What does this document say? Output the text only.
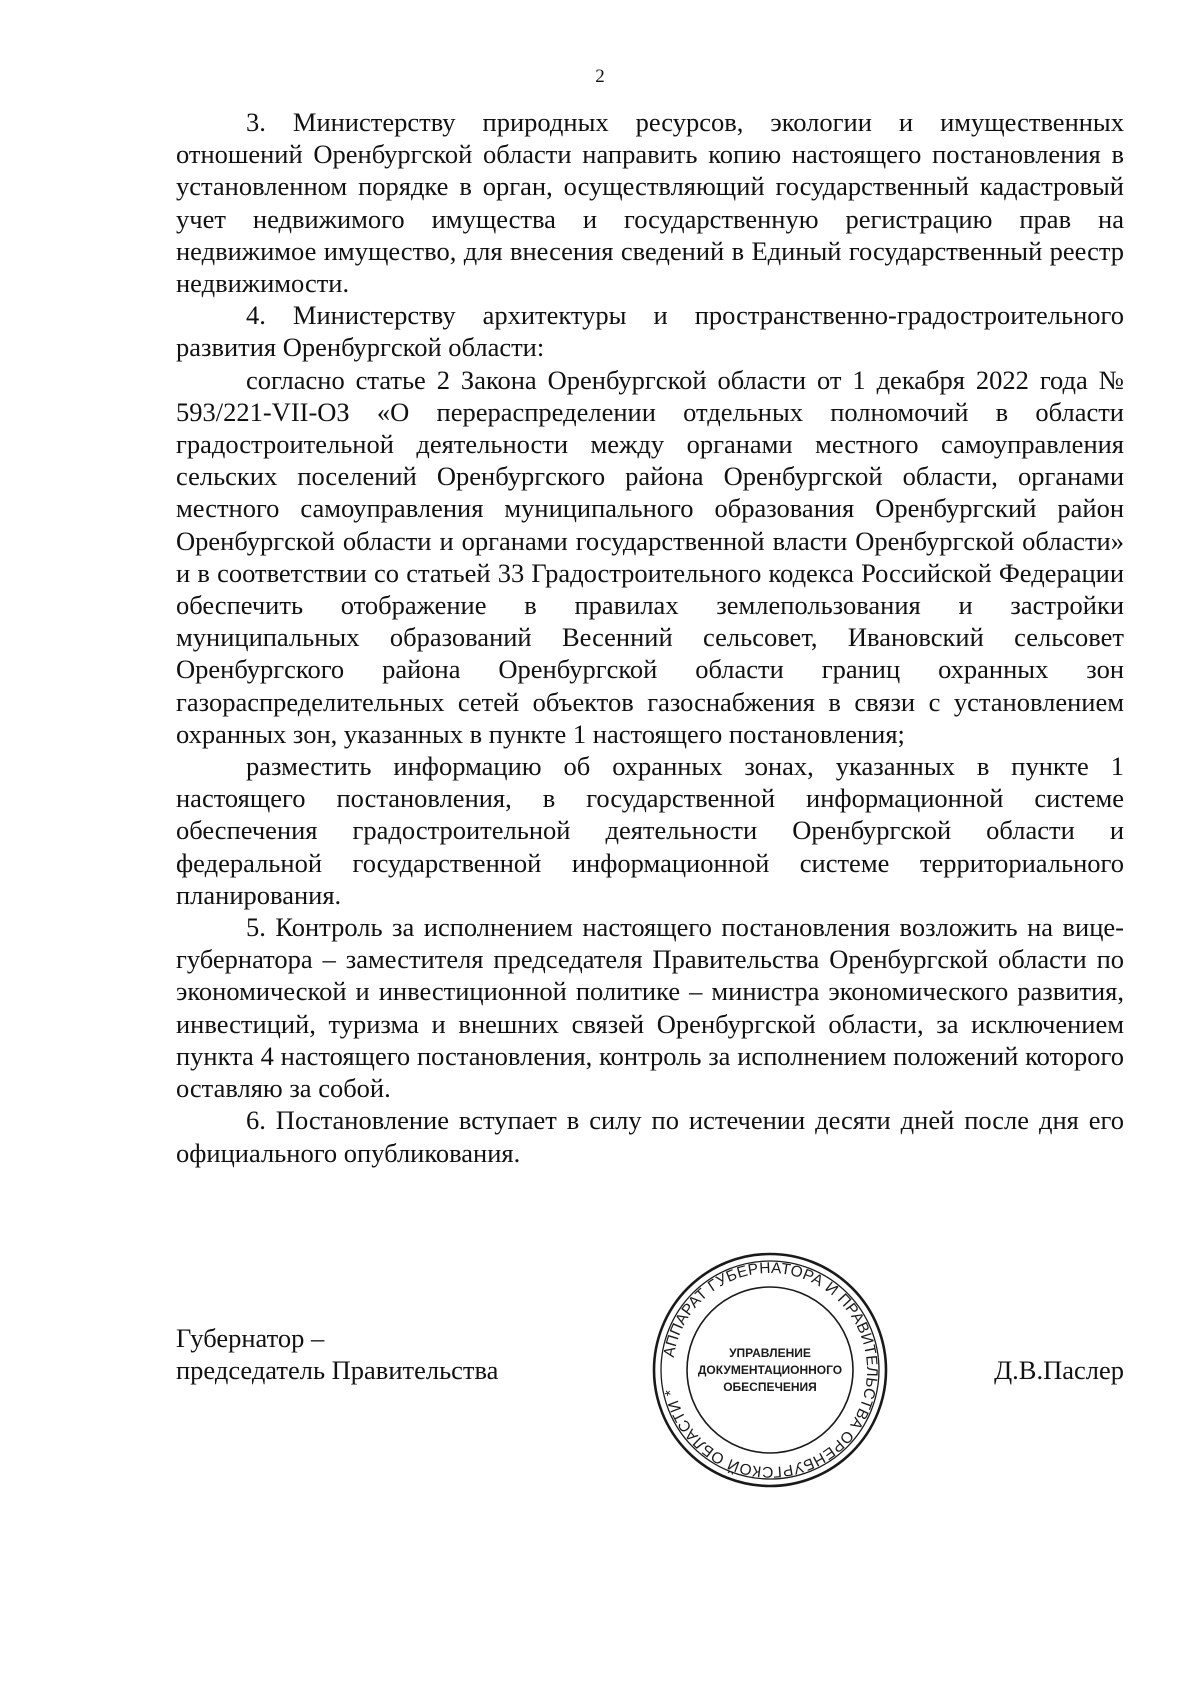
2

3. Министерству природных ресурсов, экологии и имущественных отношений Оренбургской области направить копию настоящего постановления в установленном порядке в орган, осуществляющий государственный кадастровый учет недвижимого имущества и государственную регистрацию прав на недвижимое имущество, для внесения сведений в Единый государственный реестр недвижимости.

4. Министерству архитектуры и пространственно-градостроительного развития Оренбургской области:

согласно статье 2 Закона Оренбургской области от 1 декабря 2022 года № 593/221-VII-ОЗ «О перераспределении отдельных полномочий в области градостроительной деятельности между органами местного самоуправления сельских поселений Оренбургского района Оренбургской области, органами местного самоуправления муниципального образования Оренбургский район Оренбургской области и органами государственной власти Оренбургской области» и в соответствии со статьей 33 Градостроительного кодекса Российской Федерации обеспечить отображение в правилах землепользования и застройки муниципальных образований Весенний сельсовет, Ивановский сельсовет Оренбургского района Оренбургской области границ охранных зон газораспределительных сетей объектов газоснабжения в связи с установлением охранных зон, указанных в пункте 1 настоящего постановления;

разместить информацию об охранных зонах, указанных в пункте 1 настоящего постановления, в государственной информационной системе обеспечения градостроительной деятельности Оренбургской области и федеральной государственной информационной системе территориального планирования.

5. Контроль за исполнением настоящего постановления возложить на вице-губернатора – заместителя председателя Правительства Оренбургской области по экономической и инвестиционной политике – министра экономического развития, инвестиций, туризма и внешних связей Оренбургской области, за исключением пункта 4 настоящего постановления, контроль за исполнением положений которого оставляю за собой.

6. Постановление вступает в силу по истечении десяти дней после дня его официального опубликования.

Губернатор –
председатель Правительства	Д.В.Паслер
АППАРАТ ГУБЕРНАТОРА И ПРАВИТЕЛЬСТВА ОРЕНБУРГСКОЙ ОБЛАСТИ *
УПРАВЛЕНИЕ
ДОКУМЕНТАЦИОННОГО
ОБЕСПЕЧЕНИЯ
